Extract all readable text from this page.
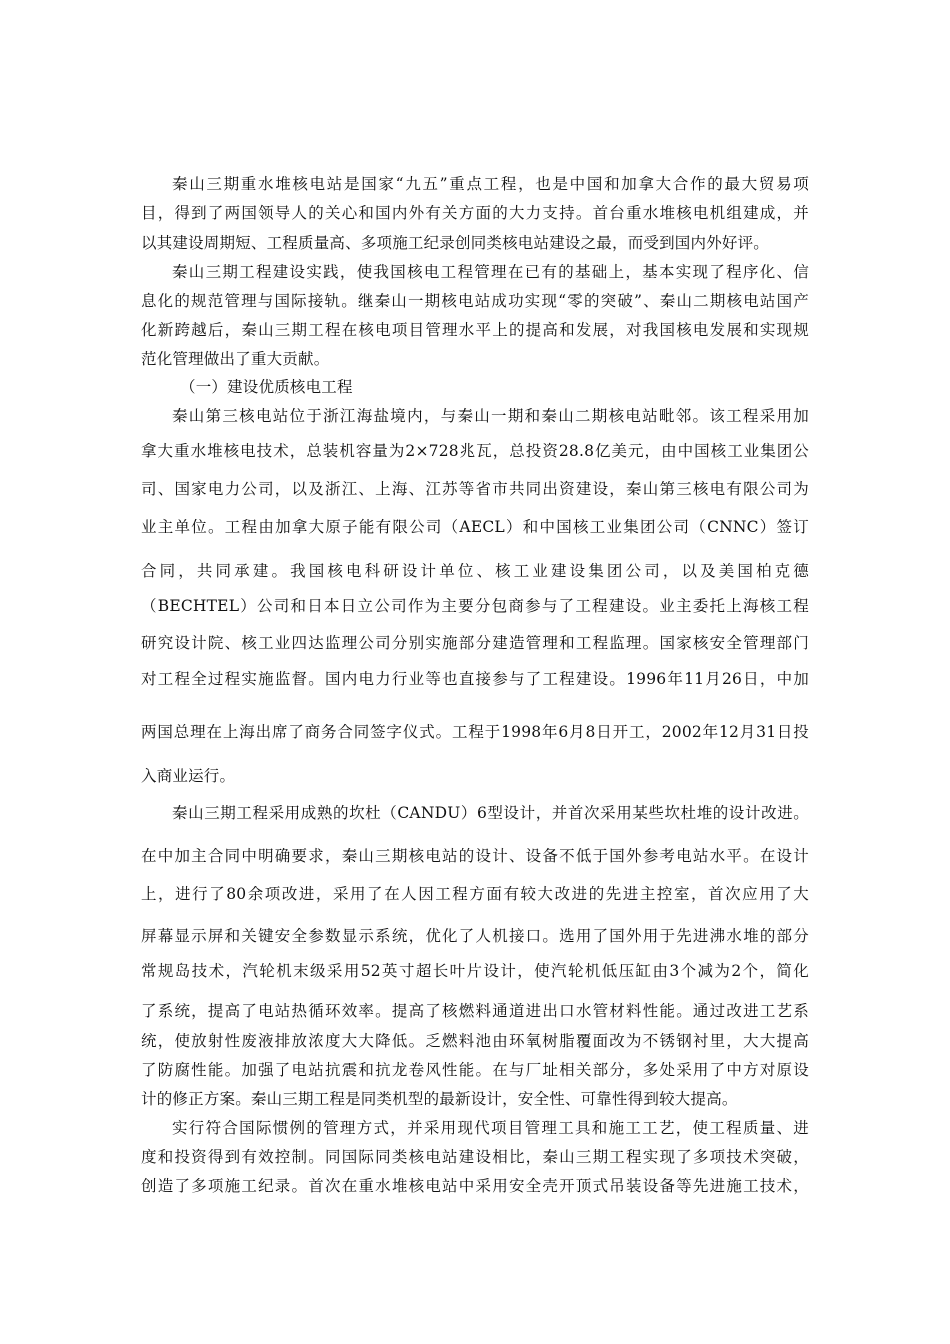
秦山三期重水堆核电站是国家“九五”重点工程，也是中国和加拿大合作的最大贸易项
目，得到了两国领导人的关心和国内外有关方面的大力支持。首台重水堆核电机组建成，并
以其建设周期短、工程质量高、多项施工纪录创同类核电站建设之最，而受到国内外好评。
秦山三期工程建设实践，使我国核电工程管理在已有的基础上，基本实现了程序化、信
息化的规范管理与国际接轨。继秦山一期核电站成功实现“零的突破”、秦山二期核电站国产
化新跨越后，秦山三期工程在核电项目管理水平上的提高和发展，对我国核电发展和实现规
范化管理做出了重大贡献。
（一）建设优质核电工程
秦山第三核电站位于浙江海盐境内，与秦山一期和秦山二期核电站毗邻。该工程采用加
拿大重水堆核电技术，总装机容量为2×728兆瓦，总投资28.8亿美元，由中国核工业集团公
司、国家电力公司，以及浙江、上海、江苏等省市共同出资建设，秦山第三核电有限公司为
业主单位。工程由加拿大原子能有限公司（AECL）和中国核工业集团公司（CNNC）签订
合同，共同承建。我国核电科研设计单位、核工业建设集团公司，以及美国柏克德
（BECHTEL）公司和日本日立公司作为主要分包商参与了工程建设。业主委托上海核工程
研究设计院、核工业四达监理公司分别实施部分建造管理和工程监理。国家核安全管理部门
对工程全过程实施监督。国内电力行业等也直接参与了工程建设。1996年11月26日，中加
两国总理在上海出席了商务合同签字仪式。工程于1998年6月8日开工，2002年12月31日投
入商业运行。
秦山三期工程采用成熟的坎杜（CANDU）6型设计，并首次采用某些坎杜堆的设计改进。
在中加主合同中明确要求，秦山三期核电站的设计、设备不低于国外参考电站水平。在设计
上，进行了80余项改进，采用了在人因工程方面有较大改进的先进主控室，首次应用了大
屏幕显示屏和关键安全参数显示系统，优化了人机接口。选用了国外用于先进沸水堆的部分
常规岛技术，汽轮机末级采用52英寸超长叶片设计，使汽轮机低压缸由3个减为2个，简化
了系统，提高了电站热循环效率。提高了核燃料通道进出口水管材料性能。通过改进工艺系
统，使放射性废液排放浓度大大降低。乏燃料池由环氧树脂覆面改为不锈钢衬里，大大提高
了防腐性能。加强了电站抗震和抗龙卷风性能。在与厂址相关部分，多处采用了中方对原设
计的修正方案。秦山三期工程是同类机型的最新设计，安全性、可靠性得到较大提高。
实行符合国际惯例的管理方式，并采用现代项目管理工具和施工工艺，使工程质量、进
度和投资得到有效控制。同国际同类核电站建设相比，秦山三期工程实现了多项技术突破，
创造了多项施工纪录。首次在重水堆核电站中采用安全壳开顶式吊装设备等先进施工技术，
